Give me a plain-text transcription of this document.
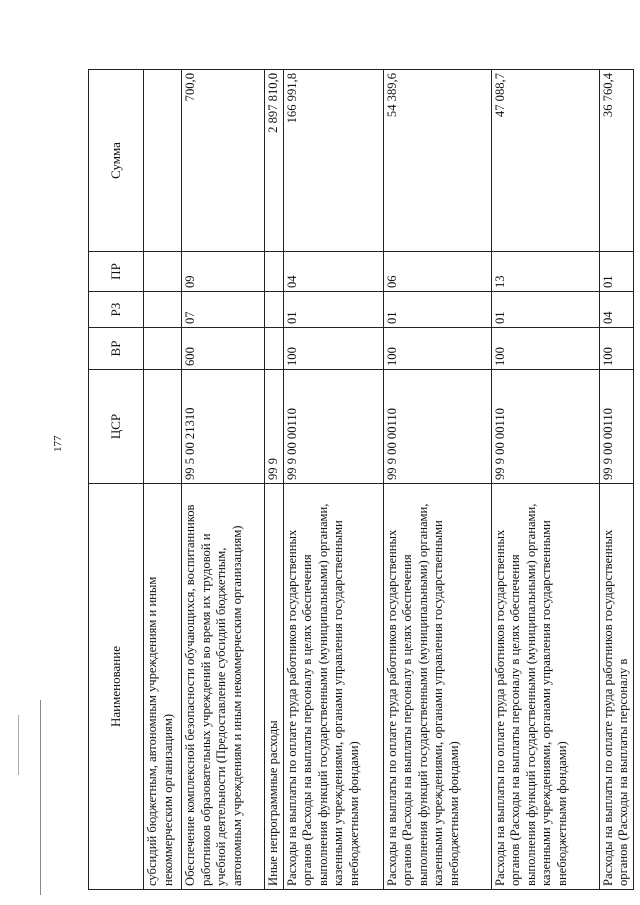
177
Наименование	ЦСР	ВР	РЗ	ПР	Сумма
субсидий бюджетным, автономным учреждениям и иным некоммерческим организациям)					
Обеспечение комплексной безопасности обучающихся, воспитанников работников образовательных учреждений во время их трудовой и учебной деятельности (Предоставление субсидий бюджетным, автономным учреждениям и иным некоммерческим организациям)	99 5 00 21310	600	07	09	700,0
Иные непрограммные расходы	99 9				2 897 810,0
Расходы на выплаты по оплате труда работников государственных органов (Расходы на выплаты персоналу в целях обеспечения выполнения функций государственными (муниципальными) органами, казенными учреждениями, органами управления государственными внебюджетными фондами)	99 9 00 00110	100	01	04	166 991,8
Расходы на выплаты по оплате труда работников государственных органов (Расходы на выплаты персоналу в целях обеспечения выполнения функций государственными (муниципальными) органами, казенными учреждениями, органами управления государственными внебюджетными фондами)	99 9 00 00110	100	01	06	54 389,6
Расходы на выплаты по оплате труда работников государственных органов (Расходы на выплаты персоналу в целях обеспечения выполнения функций государственными (муниципальными) органами, казенными учреждениями, органами управления государственными внебюджетными фондами)	99 9 00 00110	100	01	13	47 088,7
Расходы на выплаты по оплате труда работников государственных органов (Расходы на выплаты персоналу в	99 9 00 00110	100	04	01	36 760,4
